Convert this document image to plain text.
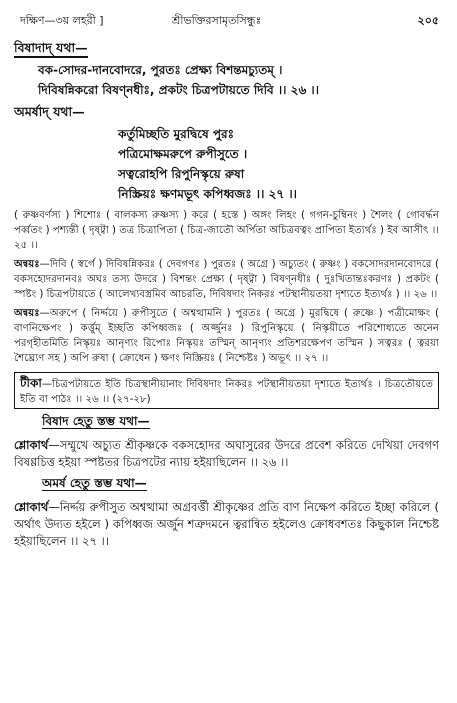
দক্ষিণ—৩য় লহরী ]	শ্রীভক্তিরসামৃতসিন্ধুঃ	২০৫
বিষাদাদ্ যথা—
বক-সোদর-দানবোদরে, পুরতঃ প্রেক্ষ্য বিশন্তমচ্যুতম্ ।
দিবিষন্নিকরো বিষণ্নধীঃ, প্রকটং চিত্রপটায়তে দিবি ।। ২৬ ।।
অমর্ষাদ্ যথা—
কর্তুমিচ্ছতি মুরদ্বিষে পুরঃ
পত্রিমোক্ষমরুপে রুপীসুতে ।
সত্বরোহপি রিপুনিস্কৃয়ে রুষা
নিস্ক্রিয়ঃ ক্ষণমভূৎ কপিধ্বজঃ ।। ২৭ ।।

( রুষ্ণবর্ণস্য ) শিশোঃ ( বালকস্য রুষ্ণস্য ) করে ( হস্তে ) অঙ্গং লিহং ( গগন-চুম্বিনং ) শৈলং ( গোবর্দ্ধন পর্ব্বতং ) পশ্যন্তী ( দৃষ্ট্বা ) তত্র চিত্রাপিতা ( চিত্র-জাতৌ অর্পিতা অচিত্রবত্বং প্রাপিতা ইত্যর্থঃ ) ইব আসীৎ ।। ২৫ ।।

অন্বয়ঃ—দিবি ( স্বর্গে ) দিবিষন্নিকরঃ ( দেবগণঃ ) পুরতঃ ( অগ্রে ) অচ্যুতং ( রুষ্ণং ) বকসোদরদানবোদরে ( বকসহোদরদানবঃ অঘঃ তস্য উদরে ) বিশন্তং প্রেক্ষ্য ( দৃষ্ট্বা ) বিষণ্নধীঃ ( দুঃখিতান্তঃকরণঃ ) প্রকটং ( স্পষ্টং ) চিত্রপটায়তে ( আলেখ্যবস্ত্রমিব আচরতি, দিবিষদাং নিকরঃ পটস্থানীয়তয়া দৃশ্যতে ইত্যর্থঃ ) ।। ২৬ ।।

অন্বয়ঃ—অরুপে ( নির্দ্দয়ে ) রুপীসুতে ( অশ্বত্থামনি ) পুরতঃ ( অগ্রে ) মুরদ্বিষে ( রুষ্ণে ) পত্রীমোক্ষং ( বাণনিক্ষেপং ) কর্ত্তুম্ ইচ্ছতি কপিধ্বজঃ ( অর্জ্জুনঃ ) রিপুনিস্কৃয়ে ( নিস্কৃয়ীতে পরিশোধ্যতে অনেন পরগৃহীতমিতি নিস্কৃয়ঃ আনৃণ্যং রিপোঃ নিস্কৃয়ঃ তস্মিন্ আনৃণ্যং প্রতিশরক্ষেপণ তস্মিন ) সত্বরঃ ( ত্বরয়া শৈঘ্র্যেণ সহ ) অপি রুষা ( ক্রোধেন ) ক্ষণং নিস্ক্রিয়ঃ ( নিশ্চেষ্টঃ ) অভূৎ ।। ২৭ ।।

টীকা—চিত্রপটায়তে ইতি চিত্রস্থানীয়ানাং দিবিষদাং নিকরঃ পটস্থানীয়তয়া দৃশ্যতে ইত্যর্থঃ । চিত্রতৌয়তে ইতি বা পাঠঃ ।। ২৬ ।। (২৭-২৮)

বিষাদ হেতু স্তম্ভ যথা—

শ্লোকার্থ—সম্মুখে অচ্যুত শ্রীকৃষ্ণকে বকসহোদর অঘাসুরের উদরে প্রবেশ করিতে দেখিয়া দেবগণ বিষণ্ণচিত্ত হইয়া স্পষ্টতর চিত্রপটের ন্যায় হইয়াছিলেন ।। ২৬ ।।

অমর্ষ হেতু স্তম্ভ যথা—

শ্লোকার্থ—নির্দ্দয় রুপীসুত অশ্বত্থামা অগ্রবর্ত্তী শ্রীকৃষ্ণের প্রতি বাণ নিক্ষেপ করিতে ইচ্ছা করিলে ( অর্থাৎ উদ্যত হইলে ) কপিধ্বজ অর্জুন শত্রুদমনে ত্বরান্বিত হইলেও ক্রোধবশতঃ কিছুকাল নিশ্চেষ্ট হইয়াছিলেন ।। ২৭ ।।
